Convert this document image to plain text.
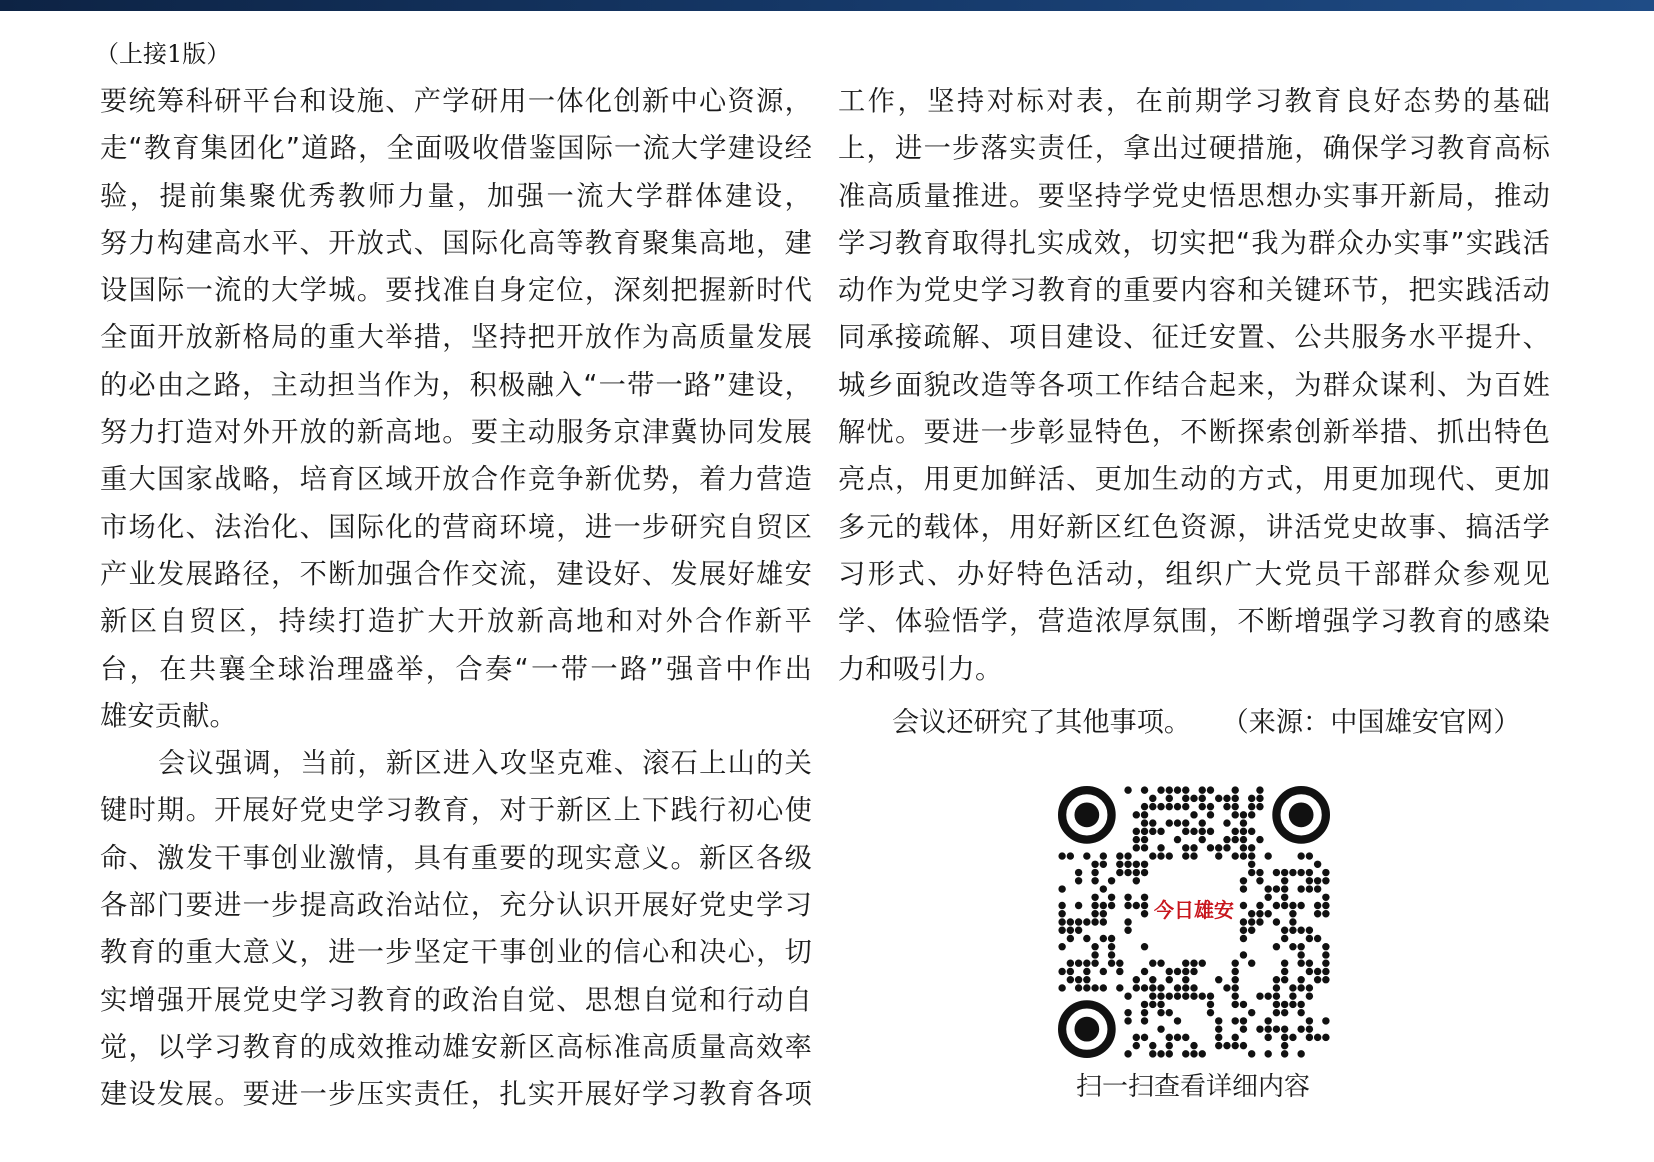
（上接1版）
要统筹科研平台和设施、产学研用一体化创新中心资源，
走“教育集团化”道路，全面吸收借鉴国际一流大学建设经
验，提前集聚优秀教师力量，加强一流大学群体建设，
努力构建高水平、开放式、国际化高等教育聚集高地，建
设国际一流的大学城。要找准自身定位，深刻把握新时代
全面开放新格局的重大举措，坚持把开放作为高质量发展
的必由之路，主动担当作为，积极融入“一带一路”建设，
努力打造对外开放的新高地。要主动服务京津冀协同发展
重大国家战略，培育区域开放合作竞争新优势，着力营造
市场化、法治化、国际化的营商环境，进一步研究自贸区
产业发展路径，不断加强合作交流，建设好、发展好雄安
新区自贸区，持续打造扩大开放新高地和对外合作新平
台，在共襄全球治理盛举，合奏“一带一路”强音中作出
雄安贡献。
会议强调，当前，新区进入攻坚克难、滚石上山的关
键时期。开展好党史学习教育，对于新区上下践行初心使
命、激发干事创业激情，具有重要的现实意义。新区各级
各部门要进一步提高政治站位，充分认识开展好党史学习
教育的重大意义，进一步坚定干事创业的信心和决心，切
实增强开展党史学习教育的政治自觉、思想自觉和行动自
觉，以学习教育的成效推动雄安新区高标准高质量高效率
建设发展。要进一步压实责任，扎实开展好学习教育各项
工作，坚持对标对表，在前期学习教育良好态势的基础
上，进一步落实责任，拿出过硬措施，确保学习教育高标
准高质量推进。要坚持学党史悟思想办实事开新局，推动
学习教育取得扎实成效，切实把“我为群众办实事”实践活
动作为党史学习教育的重要内容和关键环节，把实践活动
同承接疏解、项目建设、征迁安置、公共服务水平提升、
城乡面貌改造等各项工作结合起来，为群众谋利、为百姓
解忧。要进一步彰显特色，不断探索创新举措、抓出特色
亮点，用更加鲜活、更加生动的方式，用更加现代、更加
多元的载体，用好新区红色资源，讲活党史故事、搞活学
习形式、办好特色活动，组织广大党员干部群众参观见
学、体验悟学，营造浓厚氛围，不断增强学习教育的感染
力和吸引力。
会议还研究了其他事项。 （来源：中国雄安官网）
今日雄安
扫一扫查看详细内容
